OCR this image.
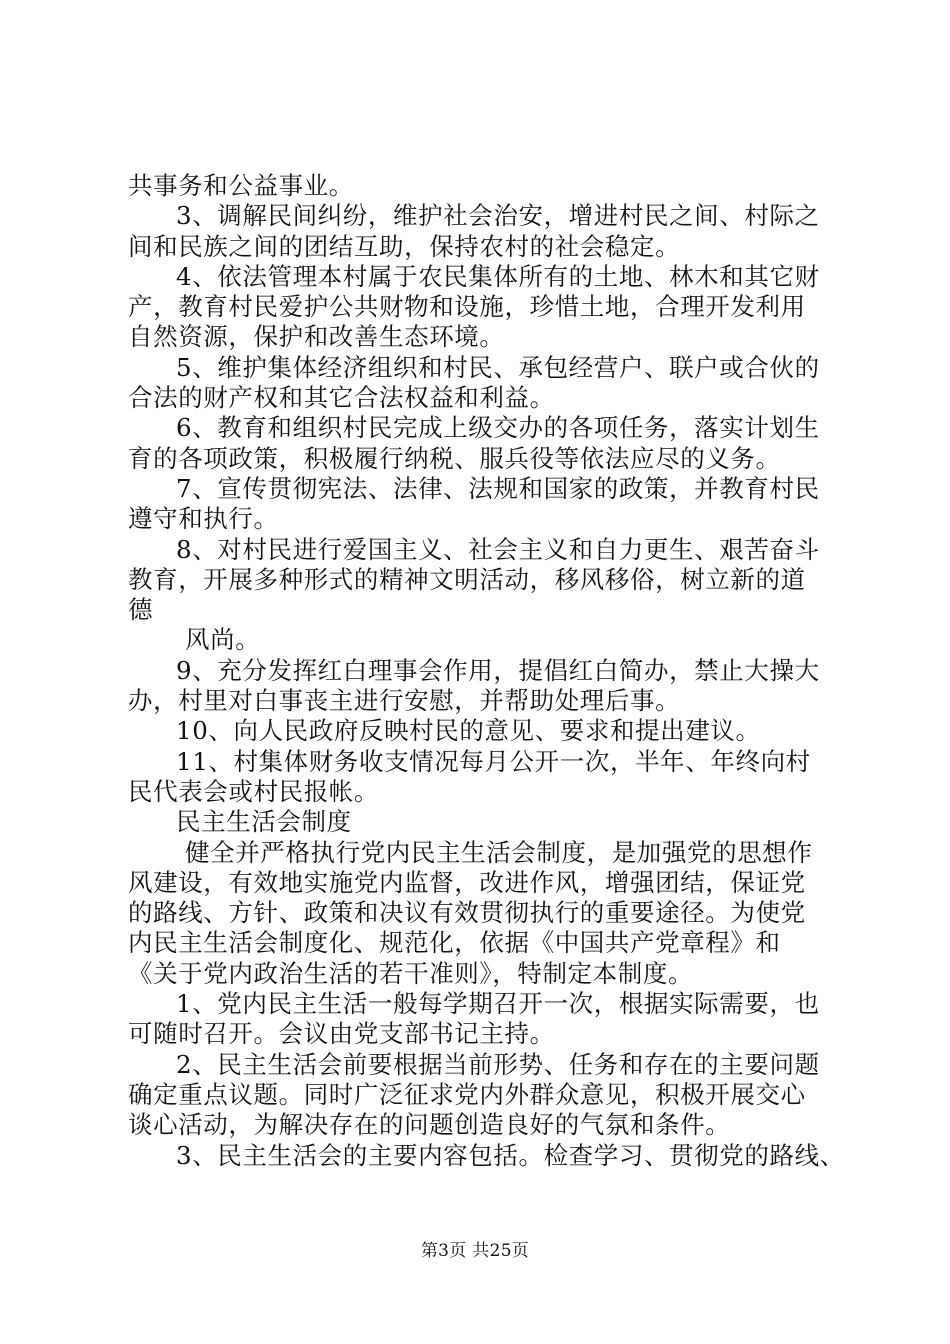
共事务和公益事业。
3、调解民间纠纷，维护社会治安，增进村民之间、村际之
间和民族之间的团结互助，保持农村的社会稳定。
4、依法管理本村属于农民集体所有的土地、林木和其它财
产，教育村民爱护公共财物和设施，珍惜土地，合理开发利用
自然资源，保护和改善生态环境。
5、维护集体经济组织和村民、承包经营户、联户或合伙的
合法的财产权和其它合法权益和利益。
6、教育和组织村民完成上级交办的各项任务，落实计划生
育的各项政策，积极履行纳税、服兵役等依法应尽的义务。
7、宣传贯彻宪法、法律、法规和国家的政策，并教育村民
遵守和执行。
8、对村民进行爱国主义、社会主义和自力更生、艰苦奋斗
教育，开展多种形式的精神文明活动，移风移俗，树立新的道
德
风尚。
9、充分发挥红白理事会作用，提倡红白简办，禁止大操大
办，村里对白事丧主进行安慰，并帮助处理后事。
10、向人民政府反映村民的意见、要求和提出建议。
11、村集体财务收支情况每月公开一次，半年、年终向村
民代表会或村民报帐。
民主生活会制度
健全并严格执行党内民主生活会制度，是加强党的思想作
风建设，有效地实施党内监督，改进作风，增强团结，保证党
的路线、方针、政策和决议有效贯彻执行的重要途径。为使党
内民主生活会制度化、规范化，依据《中国共产党章程》和
《关于党内政治生活的若干准则》，特制定本制度。
1、党内民主生活一般每学期召开一次，根据实际需要，也
可随时召开。会议由党支部书记主持。
2、民主生活会前要根据当前形势、任务和存在的主要问题
确定重点议题。同时广泛征求党内外群众意见，积极开展交心
谈心活动，为解决存在的问题创造良好的气氛和条件。
3、民主生活会的主要内容包括。检查学习、贯彻党的路线、
第3页 共25页
